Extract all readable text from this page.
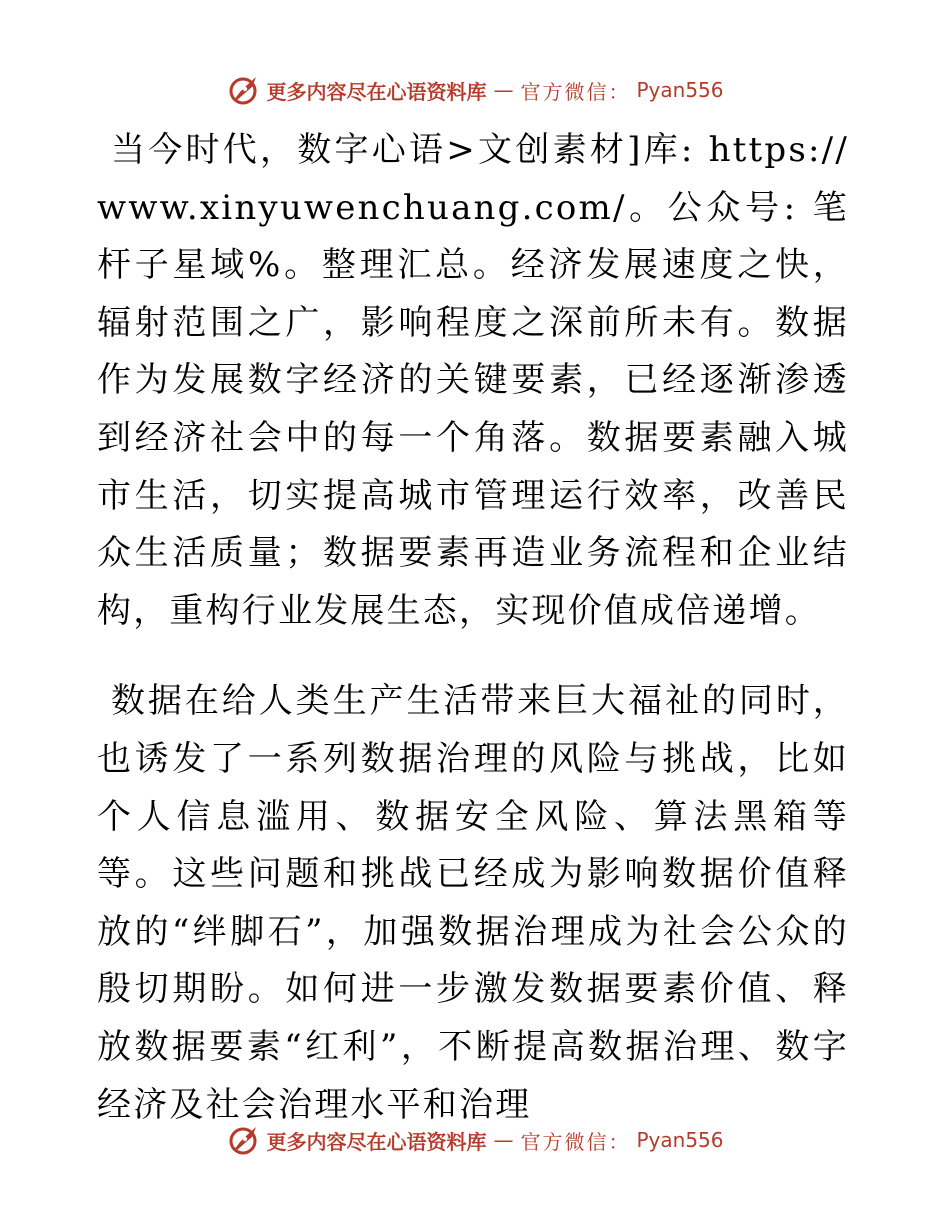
更多内容尽在心语资料库 — 官方微信： Pyan556

当今时代，数字心语>文创素材]库: https://www.xinyuwenchuang.com/。公众号: 笔杆子星域%。整理汇总。经济发展速度之快，辐射范围之广，影响程度之深前所未有。数据作为发展数字经济的关键要素，已经逐渐渗透到经济社会中的每一个角落。数据要素融入城市生活，切实提高城市管理运行效率，改善民众生活质量；数据要素再造业务流程和企业结构，重构行业发展生态，实现价值成倍递增。

数据在给人类生产生活带来巨大福祉的同时，也诱发了一系列数据治理的风险与挑战，比如个人信息滥用、数据安全风险、算法黑箱等等。这些问题和挑战已经成为影响数据价值释放的“绊脚石”，加强数据治理成为社会公众的殷切期盼。如何进一步激发数据要素价值、释放数据要素“红利”，不断提高数据治理、数字经济及社会治理水平和治理

更多内容尽在心语资料库 — 官方微信： Pyan556
